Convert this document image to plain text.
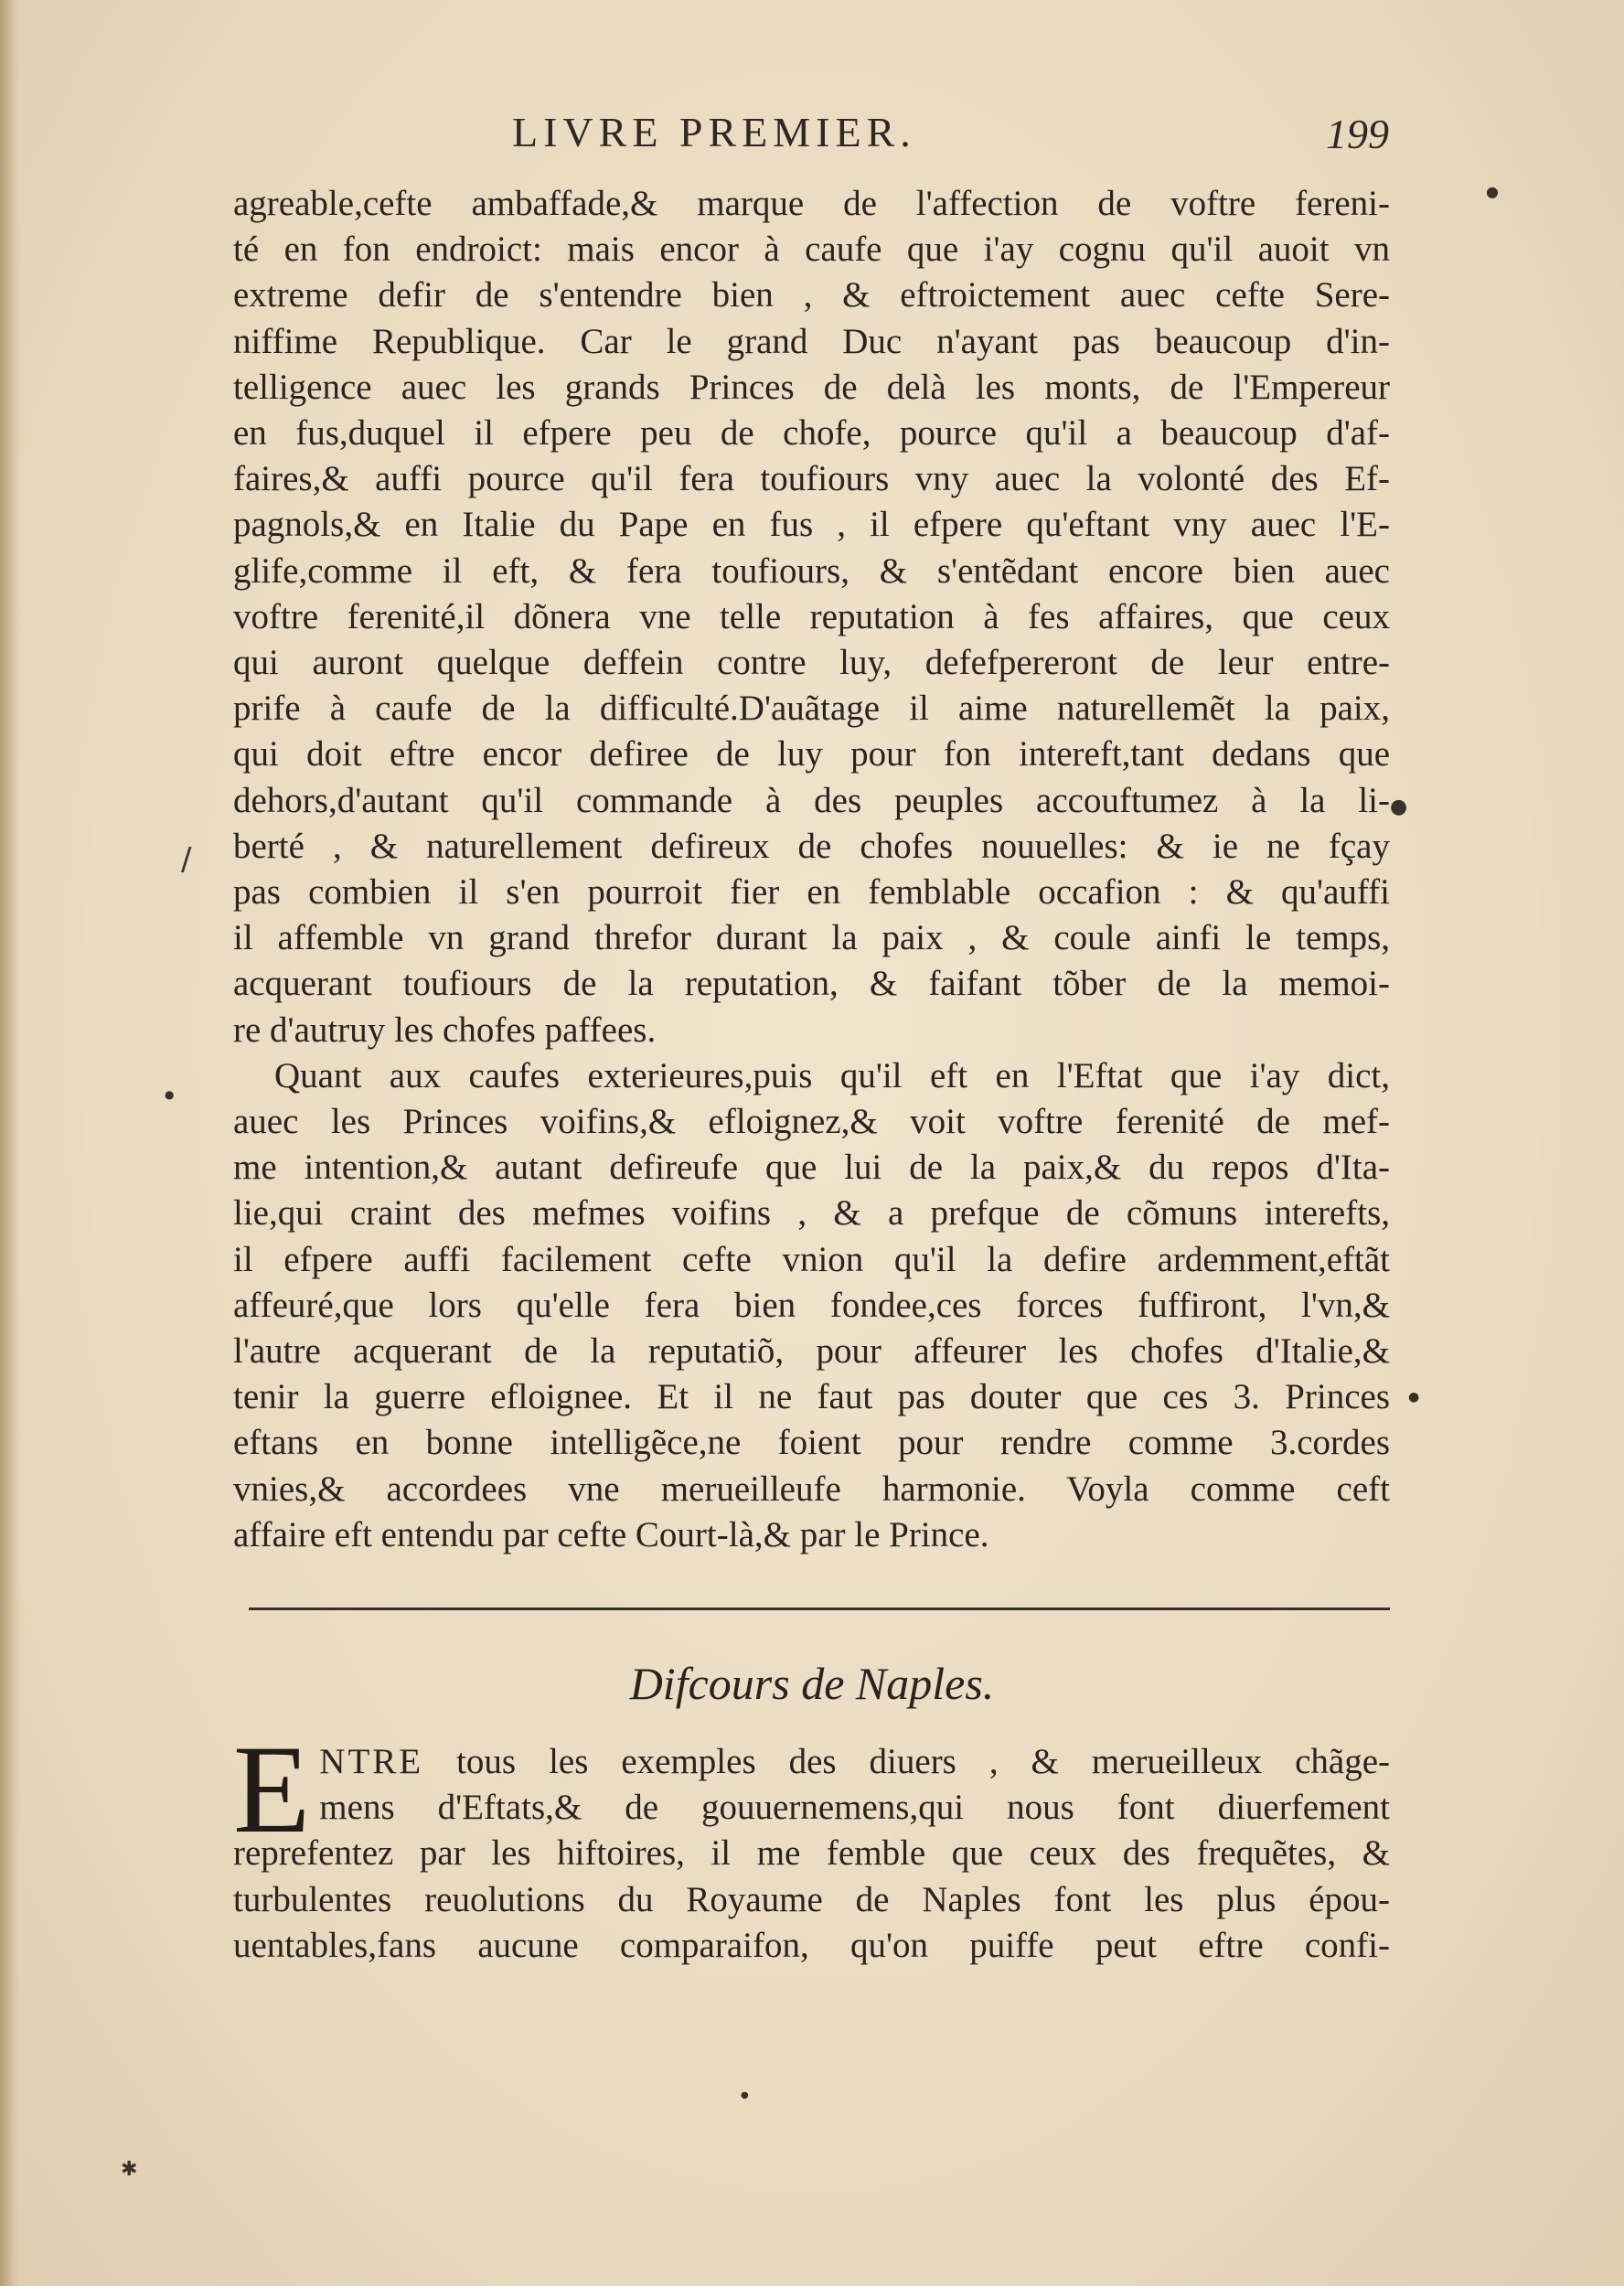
LIVRE PREMIER.	199
agreable,cefte ambaffade,& marque de l'affection de voftre fereni-
té en fon endroict: mais encor à caufe que i'ay cognu qu'il auoit vn
extreme defir de s'entendre bien , & eftroictement auec cefte Sere-
niffime Republique. Car le grand Duc n'ayant pas beaucoup d'in-
telligence auec les grands Princes de delà les monts, de l'Empereur
en fus,duquel il efpere peu de chofe, pource qu'il a beaucoup d'af-
faires,& auffi pource qu'il fera toufiours vny auec la volonté des Ef-
pagnols,& en Italie du Pape en fus , il efpere qu'eftant vny auec l'E-
glife,comme il eft, & fera toufiours, & s'entẽdant encore bien auec
voftre ferenité,il dõnera vne telle reputation à fes affaires, que ceux
qui auront quelque deffein contre luy, defefpereront de leur entre-
prife à caufe de la difficulté.D'auãtage il aime naturellemẽt la paix,
qui doit eftre encor defiree de luy pour fon intereft,tant dedans que
dehors,d'autant qu'il commande à des peuples accouftumez à la li-
berté , & naturellement defireux de chofes nouuelles: & ie ne fçay
pas combien il s'en pourroit fier en femblable occafion : & qu'auffi
il affemble vn grand threfor durant la paix , & coule ainfi le temps,
acquerant toufiours de la reputation, & faifant tõber de la memoi-
re d'autruy les chofes paffees.
Quant aux caufes exterieures,puis qu'il eft en l'Eftat que i'ay dict,
auec les Princes voifins,& efloignez,& voit voftre ferenité de mef-
me intention,& autant defireufe que lui de la paix,& du repos d'Ita-
lie,qui craint des mefmes voifins , & a prefque de cõmuns interefts,
il efpere auffi facilement cefte vnion qu'il la defire ardemment,eftãt
affeuré,que lors qu'elle fera bien fondee,ces forces fuffiront, l'vn,&
l'autre acquerant de la reputatiõ, pour affeurer les chofes d'Italie,&
tenir la guerre efloignee. Et il ne faut pas douter que ces 3. Princes
eftans en bonne intelligẽce,ne foient pour rendre comme 3.cordes
vnies,& accordees vne merueilleufe harmonie. Voyla comme ceft
affaire eft entendu par cefte Court-là,& par le Prince.
Difcours de Naples.
E NTRE tous les exemples des diuers , & merueilleux chãge-
mens d'Eftats,& de gouuernemens,qui nous font diuerfement
reprefentez par les hiftoires, il me femble que ceux des frequẽtes, &
turbulentes reuolutions du Royaume de Naples font les plus épou-
uentables,fans aucune comparaifon, qu'on puiffe peut eftre confi-
●
/
●
●
●
✱
●
